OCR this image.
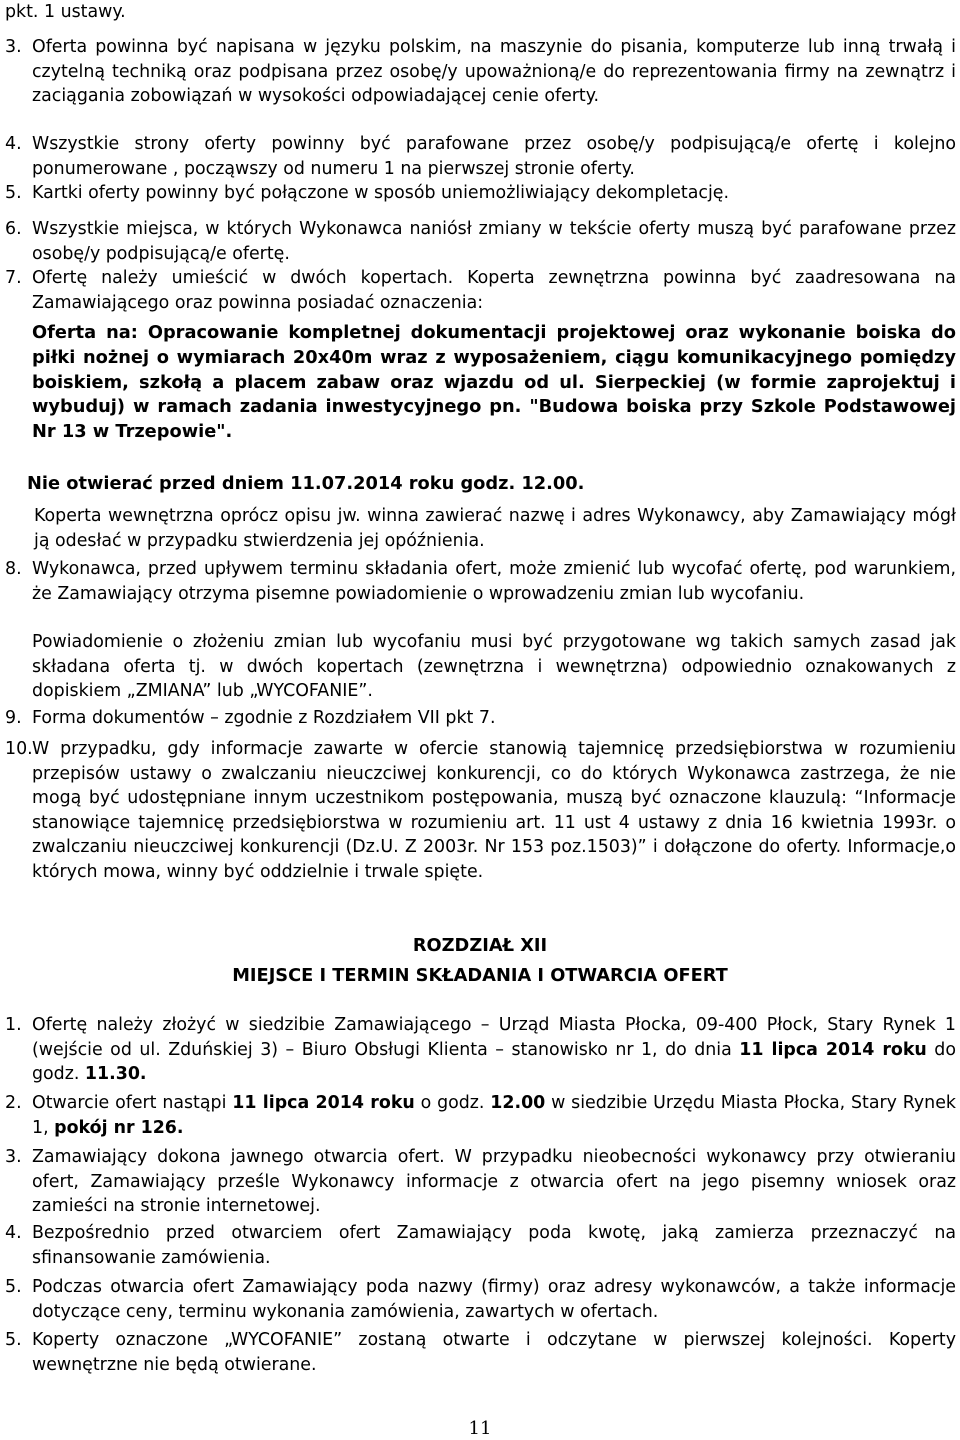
pkt. 1 ustawy.

3. Oferta powinna być napisana w języku polskim, na maszynie do pisania, komputerze lub inną trwałą i czytelną techniką oraz podpisana przez osobę/y upoważnioną/e do reprezentowania firmy na zewnątrz i zaciągania zobowiązań w wysokości odpowiadającej cenie oferty.
4. Wszystkie strony oferty powinny być parafowane przez osobę/y podpisującą/e ofertę i kolejno ponumerowane , począwszy od numeru 1 na pierwszej stronie oferty.
5. Kartki oferty powinny być połączone w sposób uniemożliwiający dekompletację.
6. Wszystkie miejsca, w których Wykonawca naniósł zmiany w tekście oferty muszą być parafowane przez osobę/y podpisującą/e ofertę.
7. Ofertę należy umieścić w dwóch kopertach. Koperta zewnętrzna powinna być zaadresowana na Zamawiającego oraz powinna posiadać oznaczenia:
Oferta na: Opracowanie kompletnej dokumentacji projektowej oraz wykonanie boiska do piłki nożnej o wymiarach 20x40m wraz z wyposażeniem, ciągu komunikacyjnego pomiędzy boiskiem, szkołą a placem zabaw oraz wjazdu od ul. Sierpeckiej (w formie zaprojektuj i wybuduj) w ramach zadania inwestycyjnego pn. "Budowa boiska przy Szkole Podstawowej Nr 13 w Trzepowie".
Nie otwierać przed dniem 11.07.2014 roku godz. 12.00.
Koperta wewnętrzna oprócz opisu jw. winna zawierać nazwę i adres Wykonawcy, aby Zamawiający mógł ją odesłać w przypadku stwierdzenia jej opóźnienia.
8. Wykonawca, przed upływem terminu składania ofert, może zmienić lub wycofać ofertę, pod warunkiem, że Zamawiający otrzyma pisemne powiadomienie o wprowadzeniu zmian lub wycofaniu.
Powiadomienie o złożeniu zmian lub wycofaniu musi być przygotowane wg takich samych zasad jak składana oferta tj. w dwóch kopertach (zewnętrzna i wewnętrzna) odpowiednio oznakowanych z dopiskiem „ZMIANA” lub „WYCOFANIE”.
9. Forma dokumentów – zgodnie z Rozdziałem VII pkt 7.
10. W przypadku, gdy informacje zawarte w ofercie stanowią tajemnicę przedsiębiorstwa w rozumieniu przepisów ustawy o zwalczaniu nieuczciwej konkurencji, co do których Wykonawca zastrzega, że nie mogą być udostępniane innym uczestnikom postępowania, muszą być oznaczone klauzulą: “Informacje stanowiące tajemnicę przedsiębiorstwa w rozumieniu art. 11 ust 4 ustawy z dnia 16 kwietnia 1993r. o zwalczaniu nieuczciwej konkurencji (Dz.U. Z 2003r. Nr 153 poz.1503)” i dołączone do oferty. Informacje,o których mowa, winny być oddzielnie i trwale spięte.
ROZDZIAŁ XII
MIEJSCE I TERMIN SKŁADANIA I OTWARCIA OFERT
1. Ofertę należy złożyć w siedzibie Zamawiającego – Urząd Miasta Płocka, 09-400 Płock, Stary Rynek 1 (wejście od ul. Zduńskiej 3) – Biuro Obsługi Klienta – stanowisko nr 1, do dnia 11 lipca 2014 roku do godz. 11.30.
2. Otwarcie ofert nastąpi 11 lipca 2014 roku o godz. 12.00 w siedzibie Urzędu Miasta Płocka, Stary Rynek 1, pokój nr 126.
3. Zamawiający dokona jawnego otwarcia ofert. W przypadku nieobecności wykonawcy przy otwieraniu ofert, Zamawiający prześle Wykonawcy informacje z otwarcia ofert na jego pisemny wniosek oraz zamieści na stronie internetowej.
4. Bezpośrednio przed otwarciem ofert Zamawiający poda kwotę, jaką zamierza przeznaczyć na sfinansowanie zamówienia.
5. Podczas otwarcia ofert Zamawiający poda nazwy (firmy) oraz adresy wykonawców, a także informacje dotyczące ceny, terminu wykonania zamówienia, zawartych w ofertach.
5. Koperty oznaczone „WYCOFANIE” zostaną otwarte i odczytane w pierwszej kolejności. Koperty wewnętrzne nie będą otwierane.
11
